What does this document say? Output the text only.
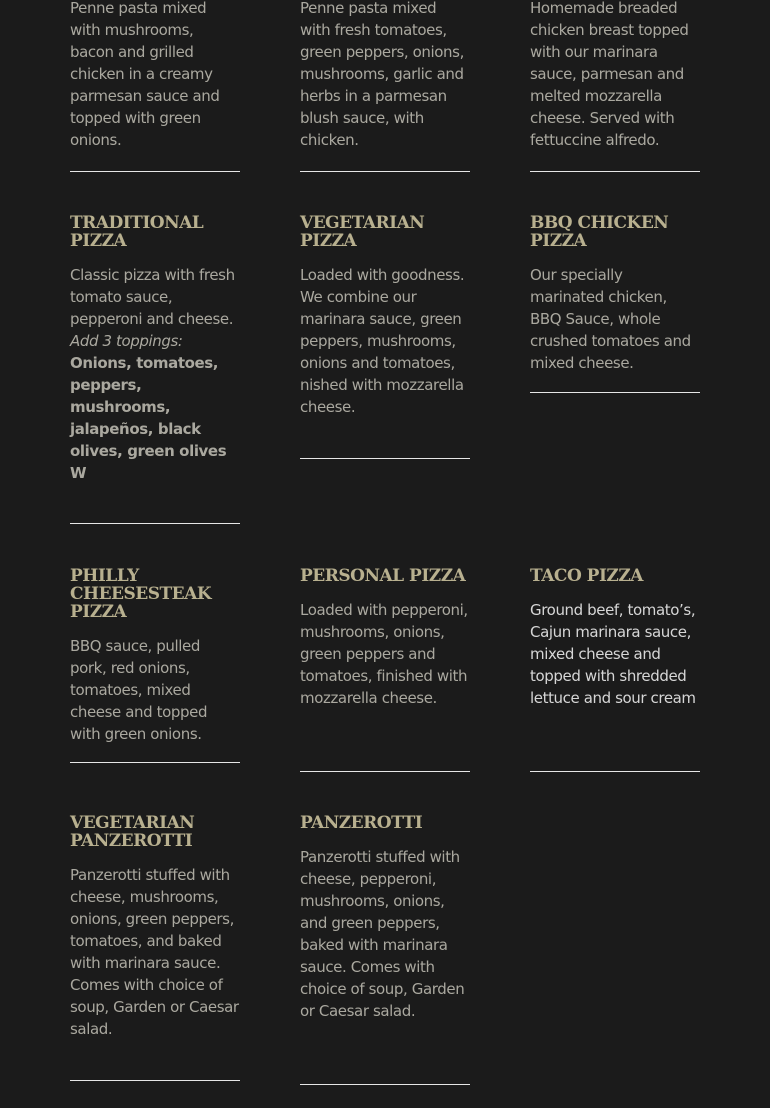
Penne pasta mixed with mushrooms, bacon and grilled chicken in a creamy parmesan sauce and topped with green onions.

Penne pasta mixed with fresh tomatoes, green peppers, onions, mushrooms, garlic and herbs in a parmesan blush sauce, with chicken.

Homemade breaded chicken breast topped with our marinara sauce, parmesan and melted mozzarella cheese. Served with fettuccine alfredo.

TRADITIONAL PIZZA

Classic pizza with fresh tomato sauce, pepperoni and cheese.

Add 3 toppings:

Onions, tomatoes, peppers, mushrooms, jalapeños, black olives, green olives W

VEGETARIAN PIZZA

Loaded with goodness. We combine our marinara sauce, green peppers, mushrooms, onions and tomatoes, nished with mozzarella cheese.

BBQ CHICKEN PIZZA

Our specially marinated chicken, BBQ Sauce, whole crushed tomatoes and mixed cheese.

PHILLY CHEESESTEAK PIZZA

BBQ sauce, pulled pork, red onions, tomatoes, mixed cheese and topped with green onions.

PERSONAL PIZZA

Loaded with pepperoni, mushrooms, onions, green peppers and tomatoes, finished with mozzarella cheese.

TACO PIZZA

Ground beef, tomato’s, Cajun marinara sauce, mixed cheese and topped with shredded lettuce and sour cream

VEGETARIAN PANZEROTTI

Panzerotti stuffed with cheese, mushrooms, onions, green peppers, tomatoes, and baked with marinara sauce. Comes with choice of soup, Garden or Caesar salad.

PANZEROTTI

Panzerotti stuffed with cheese, pepperoni, mushrooms, onions, and green peppers, baked with marinara sauce. Comes with choice of soup, Garden or Caesar salad.
